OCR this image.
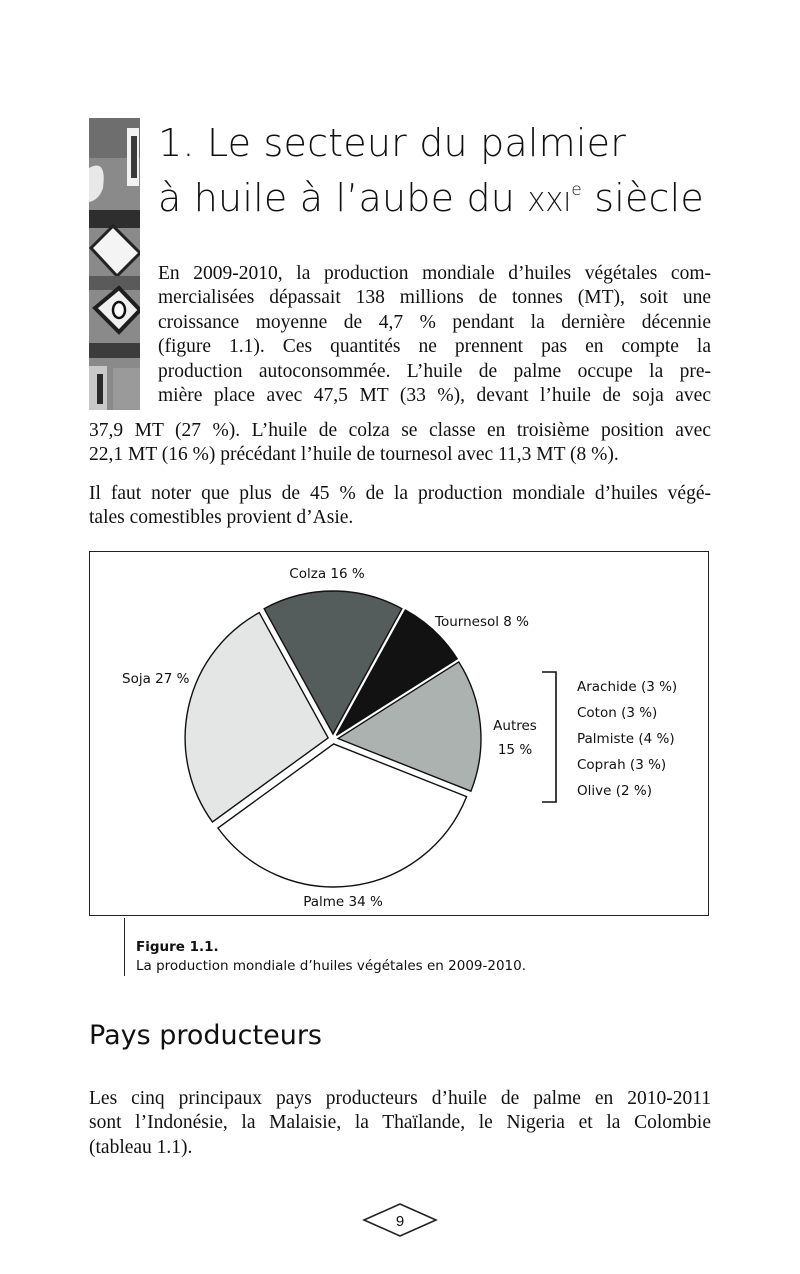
1. Le secteur du palmier
à huile à l’aube du XXIe siècle
En 2009-2010, la production mondiale d’huiles végétales com-
mercialisées dépassait 138 millions de tonnes (MT), soit une
croissance moyenne de 4,7 % pendant la dernière décennie
(figure 1.1). Ces quantités ne prennent pas en compte la
production autoconsommée. L’huile de palme occupe la pre-
mière place avec 47,5 MT (33 %), devant l’huile de soja avec
37,9 MT (27 %). L’huile de colza se classe en troisième position avec
22,1 MT (16 %) précédant l’huile de tournesol avec 11,3 MT (8 %).
Il faut noter que plus de 45 % de la production mondiale d’huiles végé-
tales comestibles provient d’Asie.
Colza 16 %
Tournesol 8 %
Autres
15 %
Palme 34 %
Soja 27 %	Arachide (3 %)
Coton (3 %)
Palmiste (4 %)
Coprah (3 %)
Olive (2 %)
Figure 1.1.
La production mondiale d’huiles végétales en 2009-2010.
Pays producteurs
Les cinq principaux pays producteurs d’huile de palme en 2010-2011
sont l’Indonésie, la Malaisie, la Thaïlande, le Nigeria et la Colombie
(tableau 1.1).
9
